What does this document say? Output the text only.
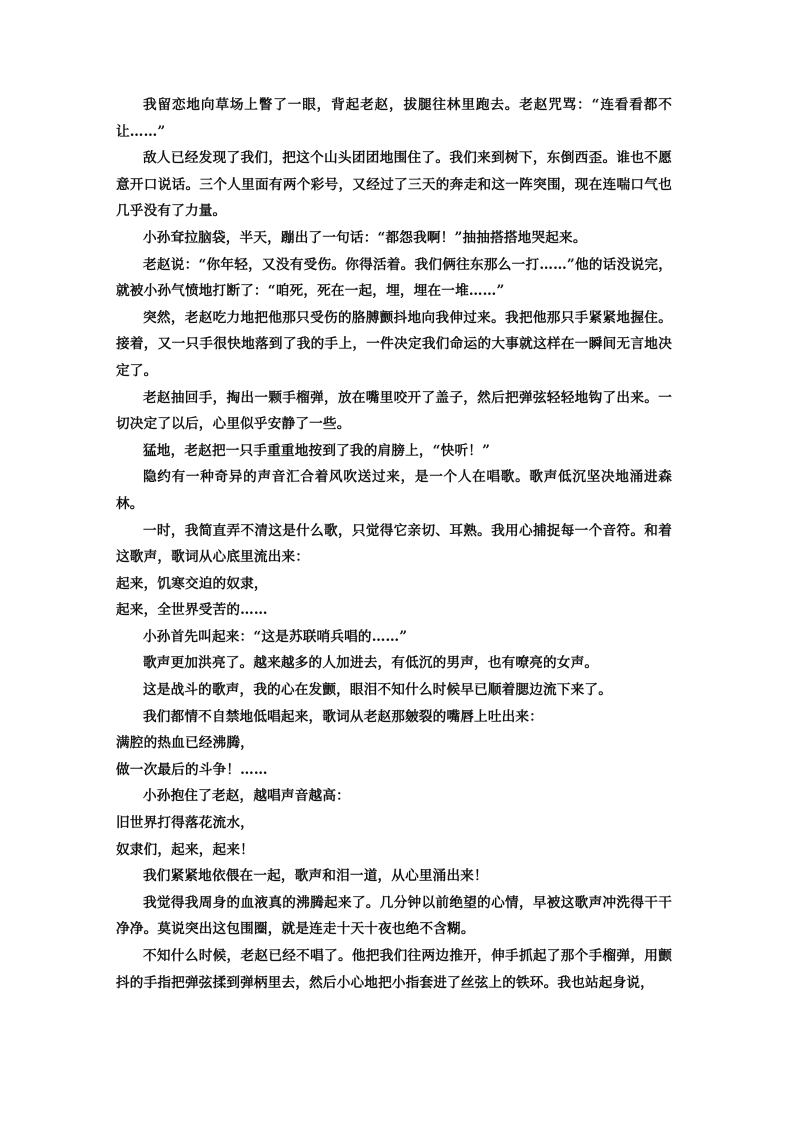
我留恋地向草场上瞥了一眼，背起老赵，拔腿往林里跑去。老赵咒骂：“连看看都不让……”

敌人已经发现了我们，把这个山头团团地围住了。我们来到树下，东倒西歪。谁也不愿意开口说话。三个人里面有两个彩号，又经过了三天的奔走和这一阵突围，现在连喘口气也几乎没有了力量。

小孙耷拉脑袋，半天，蹦出了一句话：“都怨我啊！”抽抽搭搭地哭起来。

老赵说：“你年轻，又没有受伤。你得活着。我们俩往东那么一打……”他的话没说完，就被小孙气愤地打断了：“咱死，死在一起，埋，埋在一堆……”

突然，老赵吃力地把他那只受伤的胳膊颤抖地向我伸过来。我把他那只手紧紧地握住。接着，又一只手很快地落到了我的手上，一件决定我们命运的大事就这样在一瞬间无言地决定了。

老赵抽回手，掏出一颗手榴弹，放在嘴里咬开了盖子，然后把弹弦轻轻地钩了出来。一切决定了以后，心里似乎安静了一些。

猛地，老赵把一只手重重地按到了我的肩膀上，“快听！”

隐约有一种奇异的声音汇合着风吹送过来，是一个人在唱歌。歌声低沉坚决地涌进森林。

一时，我简直弄不清这是什么歌，只觉得它亲切、耳熟。我用心捕捉每一个音符。和着这歌声，歌词从心底里流出来：

起来，饥寒交迫的奴隶，

起来，全世界受苦的……

小孙首先叫起来：“这是苏联哨兵唱的……”

歌声更加洪亮了。越来越多的人加进去，有低沉的男声，也有嘹亮的女声。

这是战斗的歌声，我的心在发颤，眼泪不知什么时候早已顺着腮边流下来了。

我们都情不自禁地低唱起来，歌词从老赵那皴裂的嘴唇上吐出来：

满腔的热血已经沸腾，

做一次最后的斗争！……

小孙抱住了老赵，越唱声音越高：

旧世界打得落花流水，

奴隶们，起来，起来！

我们紧紧地依偎在一起，歌声和泪一道，从心里涌出来！

我觉得我周身的血液真的沸腾起来了。几分钟以前绝望的心情，早被这歌声冲洗得干干净净。莫说突出这包围圈，就是连走十天十夜也绝不含糊。

不知什么时候，老赵已经不唱了。他把我们往两边推开，伸手抓起了那个手榴弹，用颤抖的手指把弹弦揉到弹柄里去，然后小心地把小指套进了丝弦上的铁环。我也站起身说，
